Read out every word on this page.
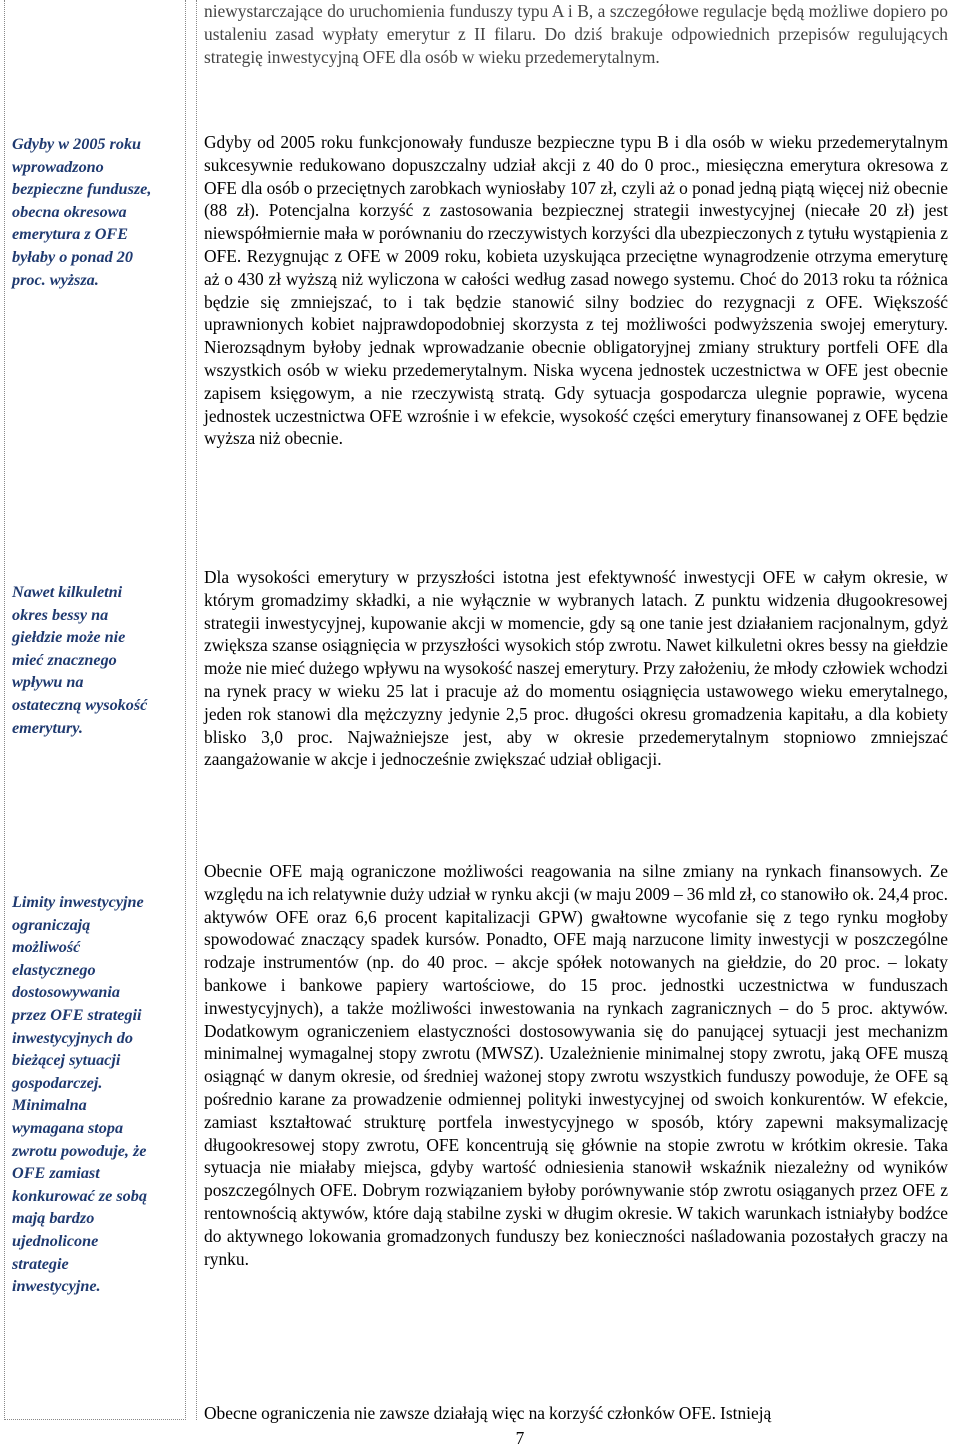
Gdyby w 2005 roku
wprowadzono
bezpieczne fundusze,
obecna okresowa
emerytura z OFE
byłaby o ponad 20
proc. wyższa.

Nawet kilkuletni
okres bessy na
giełdzie może nie
mieć znacznego
wpływu na
ostateczną wysokość
emerytury.

Limity inwestycyjne
ograniczają
możliwość
elastycznego
dostosowywania
przez OFE strategii
inwestycyjnych do
bieżącej sytuacji
gospodarczej.
Minimalna
wymagana stopa
zwrotu powoduje, że
OFE zamiast
konkurować ze sobą
mają bardzo
ujednolicone
strategie
inwestycyjne.

niewystarczające do uruchomienia funduszy typu A i B, a szczegółowe regulacje będą możliwe dopiero po ustaleniu zasad wypłaty emerytur z II filaru. Do dziś brakuje odpowiednich przepisów regulujących strategię inwestycyjną OFE dla osób w wieku przedemerytalnym.

Gdyby od 2005 roku funkcjonowały fundusze bezpieczne typu B i dla osób w wieku przedemerytalnym sukcesywnie redukowano dopuszczalny udział akcji z 40 do 0 proc., miesięczna emerytura okresowa z OFE dla osób o przeciętnych zarobkach wyniosłaby 107 zł, czyli aż o ponad jedną piątą więcej niż obecnie (88 zł). Potencjalna korzyść z zastosowania bezpiecznej strategii inwestycyjnej (niecałe 20 zł) jest niewspółmiernie mała w porównaniu do rzeczywistych korzyści dla ubezpieczonych z tytułu wystąpienia z OFE. Rezygnując z OFE w 2009 roku, kobieta uzyskująca przeciętne wynagrodzenie otrzyma emeryturę aż o 430 zł wyższą niż wyliczona w całości według zasad nowego systemu. Choć do 2013 roku ta różnica będzie się zmniejszać, to i tak będzie stanowić silny bodziec do rezygnacji z OFE. Większość uprawnionych kobiet najprawdopodobniej skorzysta z tej możliwości podwyższenia swojej emerytury. Nierozsądnym byłoby jednak wprowadzanie obecnie obligatoryjnej zmiany struktury portfeli OFE dla wszystkich osób w wieku przedemerytalnym. Niska wycena jednostek uczestnictwa w OFE jest obecnie zapisem księgowym, a nie rzeczywistą stratą. Gdy sytuacja gospodarcza ulegnie poprawie, wycena jednostek uczestnictwa OFE wzrośnie i w efekcie, wysokość części emerytury finansowanej z OFE będzie wyższa niż obecnie.

Dla wysokości emerytury w przyszłości istotna jest efektywność inwestycji OFE w całym okresie, w którym gromadzimy składki, a nie wyłącznie w wybranych latach. Z punktu widzenia długookresowej strategii inwestycyjnej, kupowanie akcji w momencie, gdy są one tanie jest działaniem racjonalnym, gdyż zwiększa szanse osiągnięcia w przyszłości wysokich stóp zwrotu. Nawet kilkuletni okres bessy na giełdzie może nie mieć dużego wpływu na wysokość naszej emerytury. Przy założeniu, że młody człowiek wchodzi na rynek pracy w wieku 25 lat i pracuje aż do momentu osiągnięcia ustawowego wieku emerytalnego, jeden rok stanowi dla mężczyzny jedynie 2,5 proc. długości okresu gromadzenia kapitału, a dla kobiety blisko 3,0 proc. Najważniejsze jest, aby w okresie przedemerytalnym stopniowo zmniejszać zaangażowanie w akcje i jednocześnie zwiększać udział obligacji.

Obecnie OFE mają ograniczone możliwości reagowania na silne zmiany na rynkach finansowych. Ze względu na ich relatywnie duży udział w rynku akcji (w maju 2009 – 36 mld zł, co stanowiło ok. 24,4 proc. aktywów OFE oraz 6,6 procent kapitalizacji GPW) gwałtowne wycofanie się z tego rynku mogłoby spowodować znaczący spadek kursów. Ponadto, OFE mają narzucone limity inwestycji w poszczególne rodzaje instrumentów (np. do 40 proc. – akcje spółek notowanych na giełdzie, do 20 proc. – lokaty bankowe i bankowe papiery wartościowe, do 15 proc. jednostki uczestnictwa w funduszach inwestycyjnych), a także możliwości inwestowania na rynkach zagranicznych – do 5 proc. aktywów. Dodatkowym ograniczeniem elastyczności dostosowywania się do panującej sytuacji jest mechanizm minimalnej wymagalnej stopy zwrotu (MWSZ). Uzależnienie minimalnej stopy zwrotu, jaką OFE muszą osiągnąć w danym okresie, od średniej ważonej stopy zwrotu wszystkich funduszy powoduje, że OFE są pośrednio karane za prowadzenie odmiennej polityki inwestycyjnej od swoich konkurentów. W efekcie, zamiast kształtować strukturę portfela inwestycyjnego w sposób, który zapewni maksymalizację długookresowej stopy zwrotu, OFE koncentrują się głównie na stopie zwrotu w krótkim okresie. Taka sytuacja nie miałaby miejsca, gdyby wartość odniesienia stanowił wskaźnik niezależny od wyników poszczególnych OFE. Dobrym rozwiązaniem byłoby porównywanie stóp zwrotu osiąganych przez OFE z rentownością aktywów, które dają stabilne zyski w długim okresie. W takich warunkach istniałyby bodźce do aktywnego lokowania gromadzonych funduszy bez konieczności naśladowania pozostałych graczy na rynku.

Obecne ograniczenia nie zawsze działają więc na korzyść członków OFE. Istnieją

7
